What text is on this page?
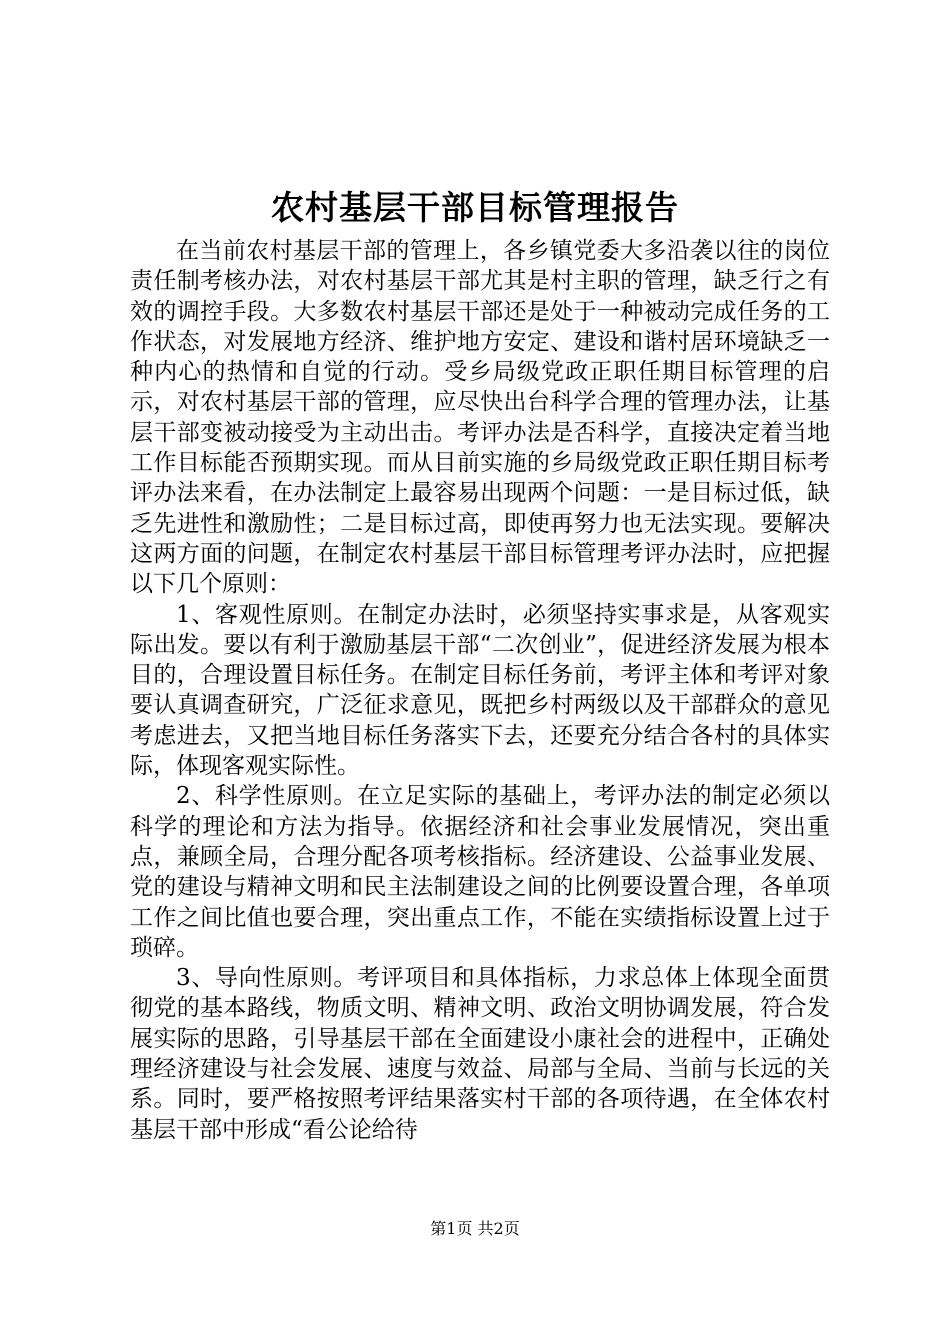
农村基层干部目标管理报告

在当前农村基层干部的管理上，各乡镇党委大多沿袭以往的岗位责任制考核办法，对农村基层干部尤其是村主职的管理，缺乏行之有效的调控手段。大多数农村基层干部还是处于一种被动完成任务的工作状态，对发展地方经济、维护地方安定、建设和谐村居环境缺乏一种内心的热情和自觉的行动。受乡局级党政正职任期目标管理的启示，对农村基层干部的管理，应尽快出台科学合理的管理办法，让基层干部变被动接受为主动出击。考评办法是否科学，直接决定着当地工作目标能否预期实现。而从目前实施的乡局级党政正职任期目标考评办法来看，在办法制定上最容易出现两个问题：一是目标过低，缺乏先进性和激励性；二是目标过高，即使再努力也无法实现。要解决这两方面的问题，在制定农村基层干部目标管理考评办法时，应把握以下几个原则：

1、客观性原则。在制定办法时，必须坚持实事求是，从客观实际出发。要以有利于激励基层干部“二次创业”，促进经济发展为根本目的，合理设置目标任务。在制定目标任务前，考评主体和考评对象要认真调查研究，广泛征求意见，既把乡村两级以及干部群众的意见考虑进去，又把当地目标任务落实下去，还要充分结合各村的具体实际，体现客观实际性。

2、科学性原则。在立足实际的基础上，考评办法的制定必须以科学的理论和方法为指导。依据经济和社会事业发展情况，突出重点，兼顾全局，合理分配各项考核指标。经济建设、公益事业发展、党的建设与精神文明和民主法制建设之间的比例要设置合理，各单项工作之间比值也要合理，突出重点工作，不能在实绩指标设置上过于琐碎。

3、导向性原则。考评项目和具体指标，力求总体上体现全面贯彻党的基本路线，物质文明、精神文明、政治文明协调发展，符合发展实际的思路，引导基层干部在全面建设小康社会的进程中，正确处理经济建设与社会发展、速度与效益、局部与全局、当前与长远的关系。同时，要严格按照考评结果落实村干部的各项待遇，在全体农村基层干部中形成“看公论给待

第1页 共2页
